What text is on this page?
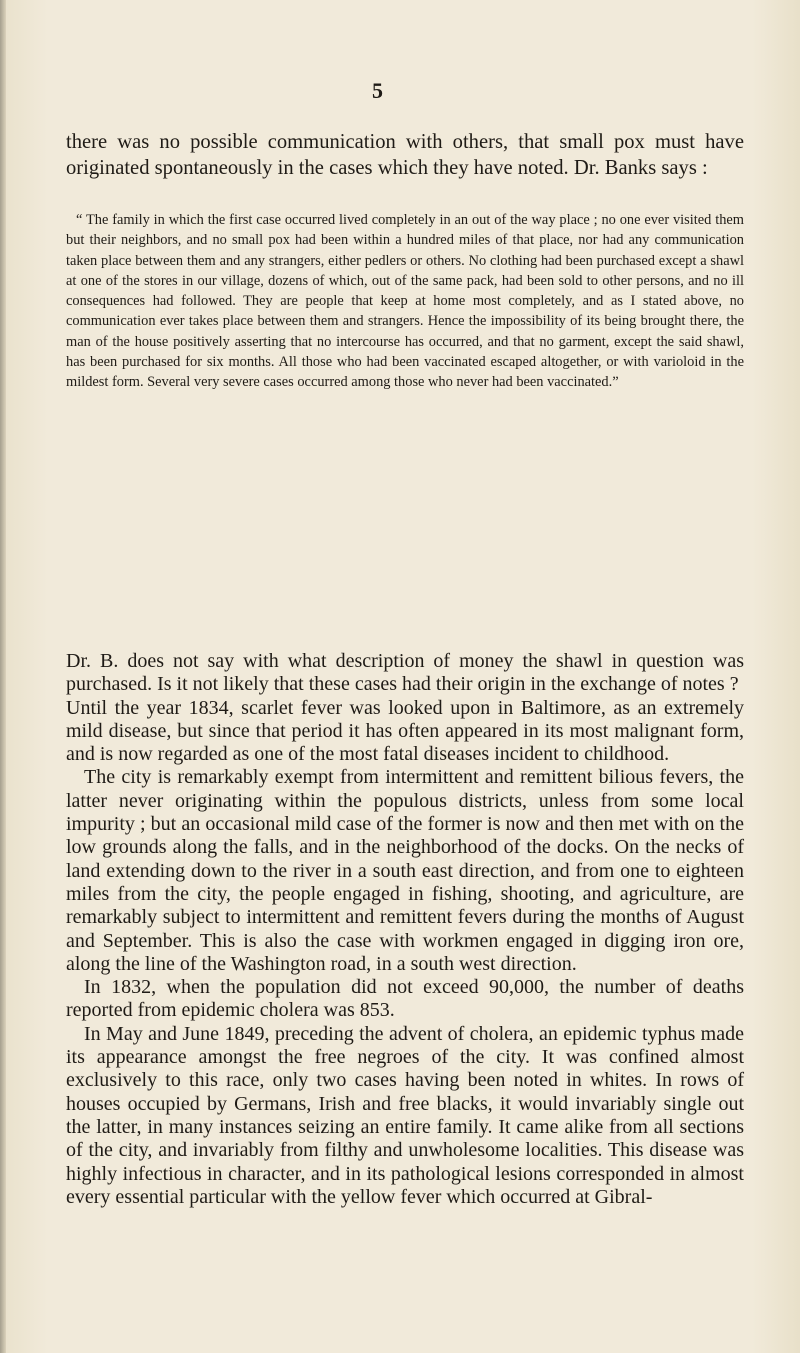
5
there was no possible communication with others, that small pox must have originated spontaneously in the cases which they have noted. Dr. Banks says :
“ The family in which the first case occurred lived completely in an out of the way place ; no one ever visited them but their neighbors, and no small pox had been within a hundred miles of that place, nor had any communication taken place between them and any strangers, either pedlers or others. No clothing had been purchased except a shawl at one of the stores in our village, dozens of which, out of the same pack, had been sold to other persons, and no ill consequences had followed. They are people that keep at home most completely, and as I stated above, no communication ever takes place between them and strangers. Hence the impossibility of its being brought there, the man of the house positively asserting that no intercourse has occurred, and that no garment, except the said shawl, has been purchased for six months. All those who had been vaccinated escaped altogether, or with varioloid in the mildest form. Several very severe cases occurred among those who never had been vaccinated.”

Dr. B. does not say with what description of money the shawl in question was purchased. Is it not likely that these cases had their origin in the exchange of notes ?

Until the year 1834, scarlet fever was looked upon in Baltimore, as an extremely mild disease, but since that period it has often appeared in its most malignant form, and is now regarded as one of the most fatal diseases incident to childhood.

The city is remarkably exempt from intermittent and remittent bilious fevers, the latter never originating within the populous districts, unless from some local impurity ; but an occasional mild case of the former is now and then met with on the low grounds along the falls, and in the neighborhood of the docks. On the necks of land extending down to the river in a south east direction, and from one to eighteen miles from the city, the people engaged in fishing, shooting, and agriculture, are remarkably subject to intermittent and remittent fevers during the months of August and September. This is also the case with workmen engaged in digging iron ore, along the line of the Washington road, in a south west direction.

In 1832, when the population did not exceed 90,000, the number of deaths reported from epidemic cholera was 853.

In May and June 1849, preceding the advent of cholera, an epidemic typhus made its appearance amongst the free negroes of the city. It was confined almost exclusively to this race, only two cases having been noted in whites. In rows of houses occupied by Germans, Irish and free blacks, it would invariably single out the latter, in many instances seizing an entire family. It came alike from all sections of the city, and invariably from filthy and unwholesome localities. This disease was highly infectious in character, and in its pathological lesions corresponded in almost every essential particular with the yellow fever which occurred at Gibral-
